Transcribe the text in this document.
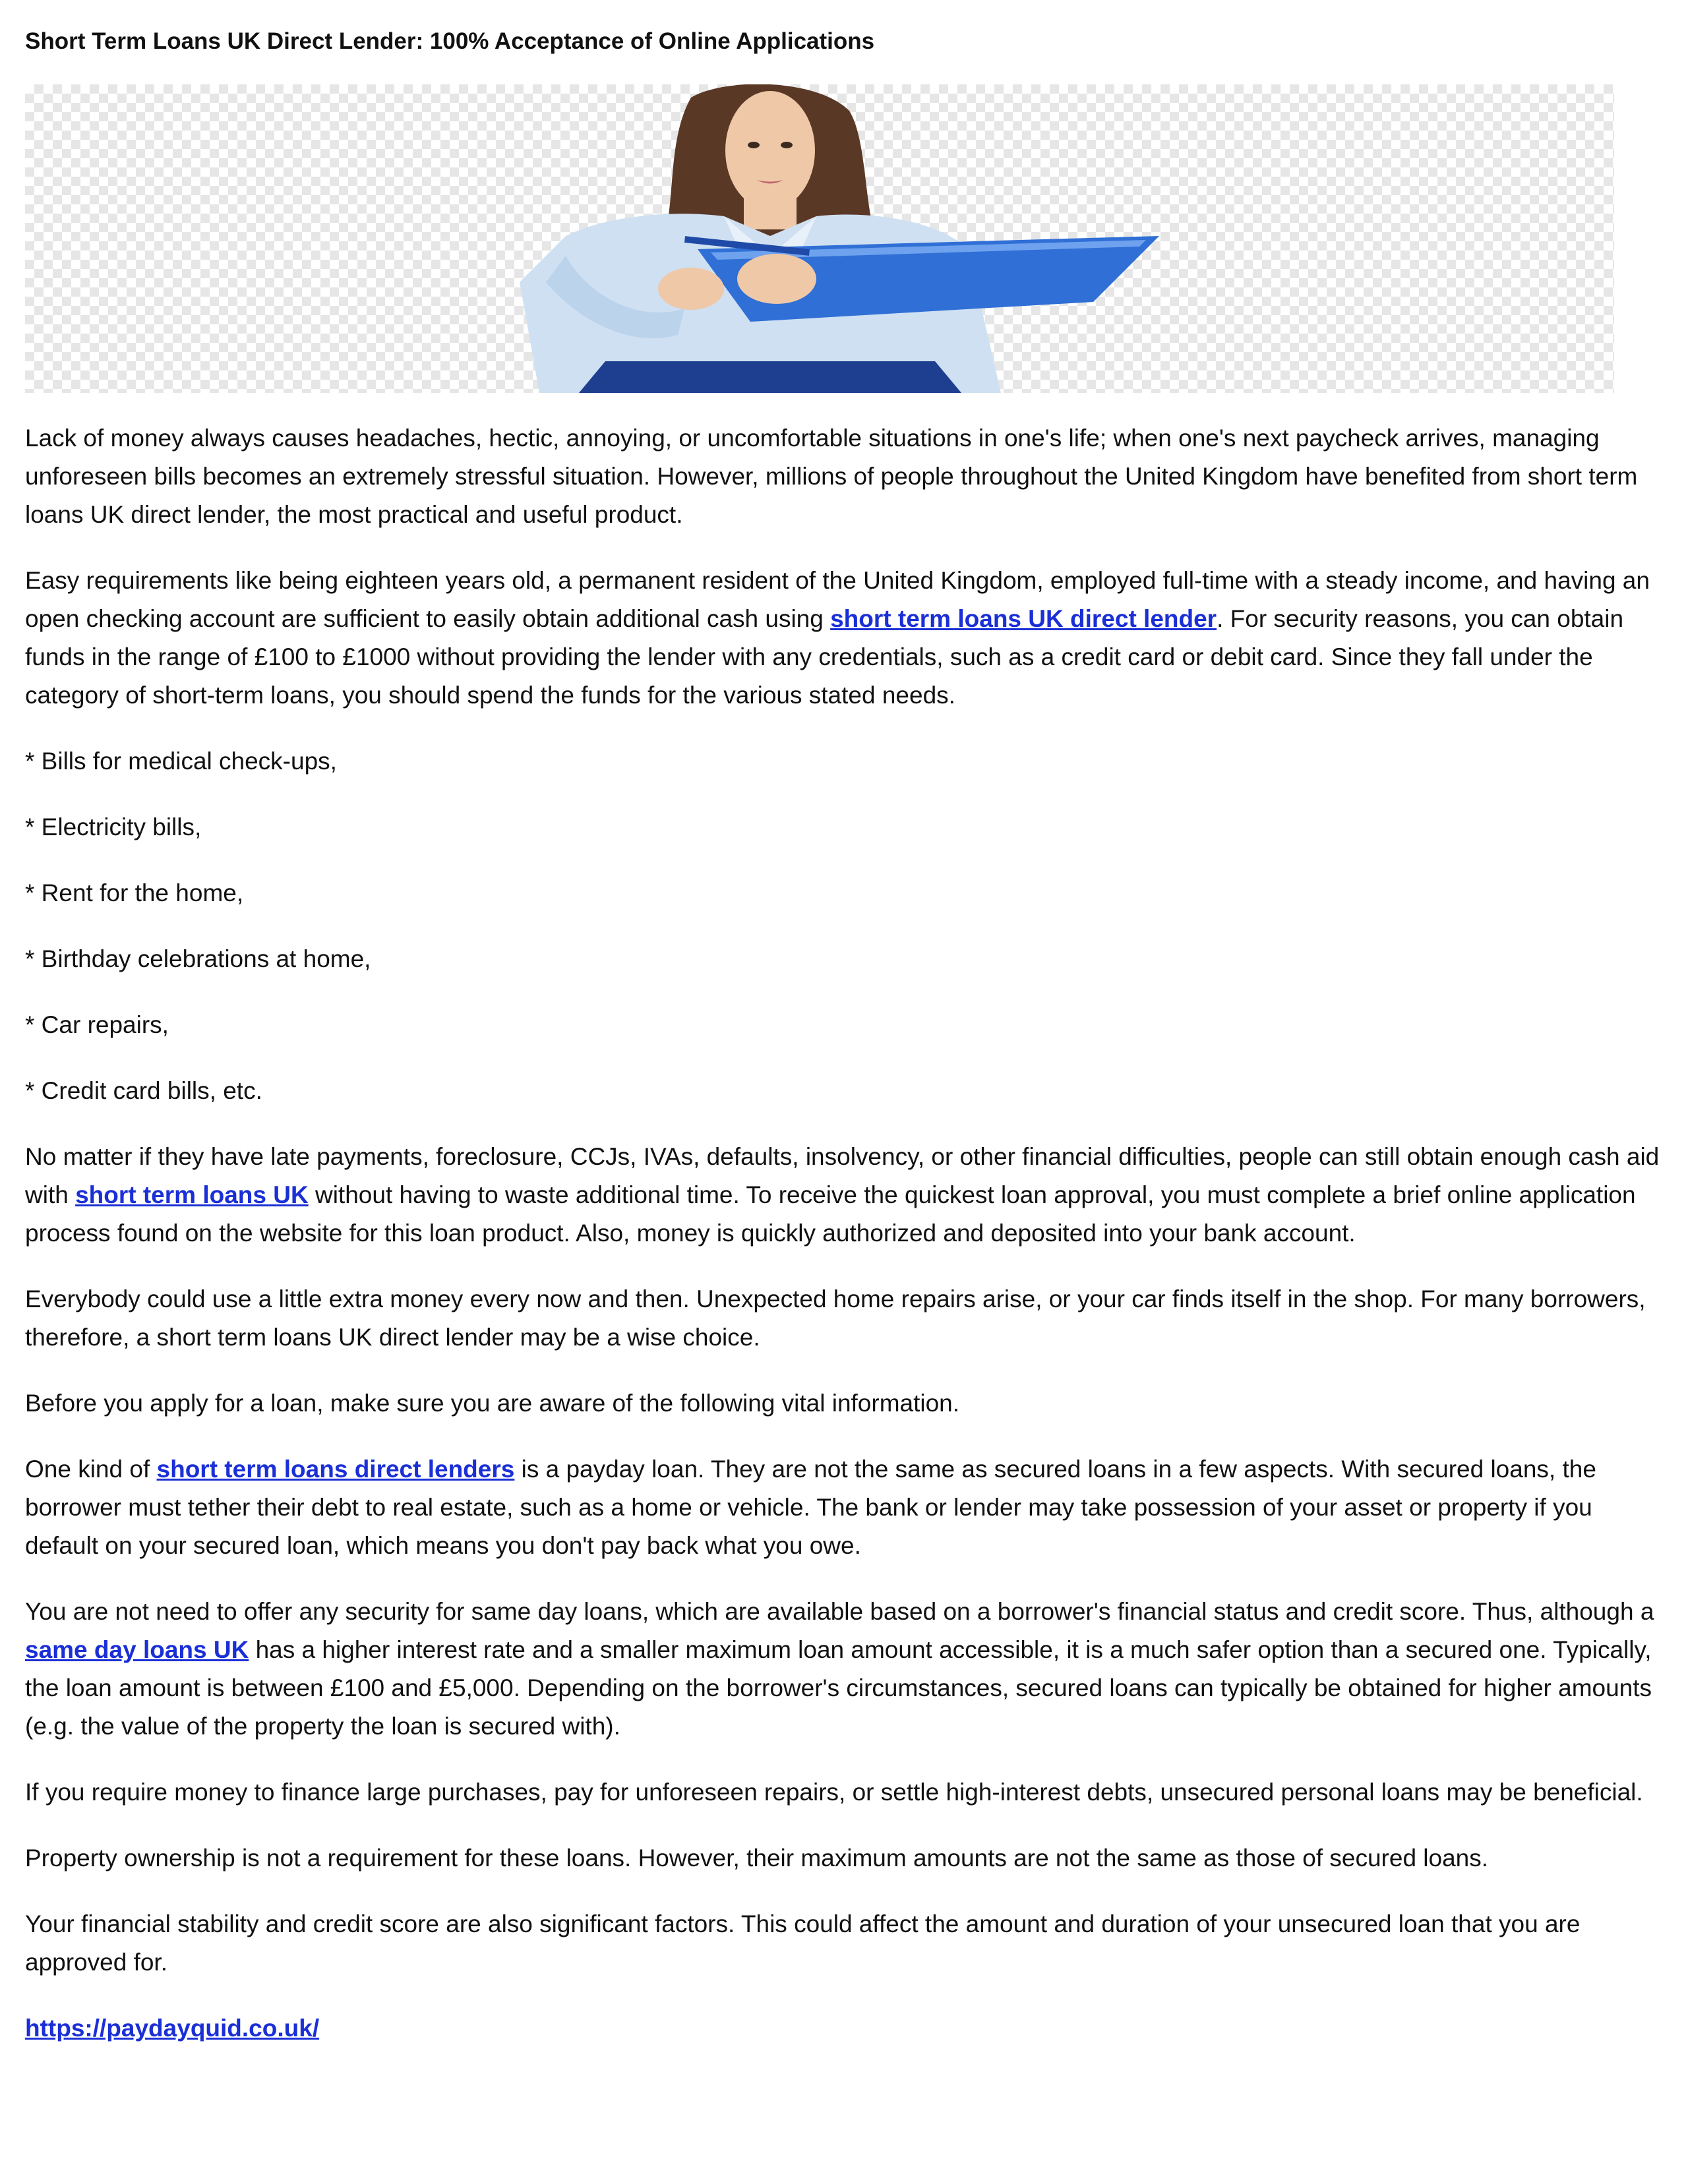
Short Term Loans UK Direct Lender: 100% Acceptance of Online Applications

Lack of money always causes headaches, hectic, annoying, or uncomfortable situations in one's life; when one's next paycheck arrives, managing unforeseen bills becomes an extremely stressful situation. However, millions of people throughout the United Kingdom have benefited from short term loans UK direct lender, the most practical and useful product.

Easy requirements like being eighteen years old, a permanent resident of the United Kingdom, employed full-time with a steady income, and having an open checking account are sufficient to easily obtain additional cash using short term loans UK direct lender. For security reasons, you can obtain funds in the range of £100 to £1000 without providing the lender with any credentials, such as a credit card or debit card. Since they fall under the category of short-term loans, you should spend the funds for the various stated needs.

* Bills for medical check-ups,
* Electricity bills,
* Rent for the home,
* Birthday celebrations at home,
* Car repairs,
* Credit card bills, etc.

No matter if they have late payments, foreclosure, CCJs, IVAs, defaults, insolvency, or other financial difficulties, people can still obtain enough cash aid with short term loans UK without having to waste additional time. To receive the quickest loan approval, you must complete a brief online application process found on the website for this loan product. Also, money is quickly authorized and deposited into your bank account.

Everybody could use a little extra money every now and then. Unexpected home repairs arise, or your car finds itself in the shop. For many borrowers, therefore, a short term loans UK direct lender may be a wise choice.

Before you apply for a loan, make sure you are aware of the following vital information.

One kind of short term loans direct lenders is a payday loan. They are not the same as secured loans in a few aspects. With secured loans, the borrower must tether their debt to real estate, such as a home or vehicle. The bank or lender may take possession of your asset or property if you default on your secured loan, which means you don't pay back what you owe.

You are not need to offer any security for same day loans, which are available based on a borrower's financial status and credit score. Thus, although a same day loans UK has a higher interest rate and a smaller maximum loan amount accessible, it is a much safer option than a secured one. Typically, the loan amount is between £100 and £5,000. Depending on the borrower's circumstances, secured loans can typically be obtained for higher amounts (e.g. the value of the property the loan is secured with).

If you require money to finance large purchases, pay for unforeseen repairs, or settle high-interest debts, unsecured personal loans may be beneficial.

Property ownership is not a requirement for these loans. However, their maximum amounts are not the same as those of secured loans.

Your financial stability and credit score are also significant factors. This could affect the amount and duration of your unsecured loan that you are approved for.

https://paydayquid.co.uk/
